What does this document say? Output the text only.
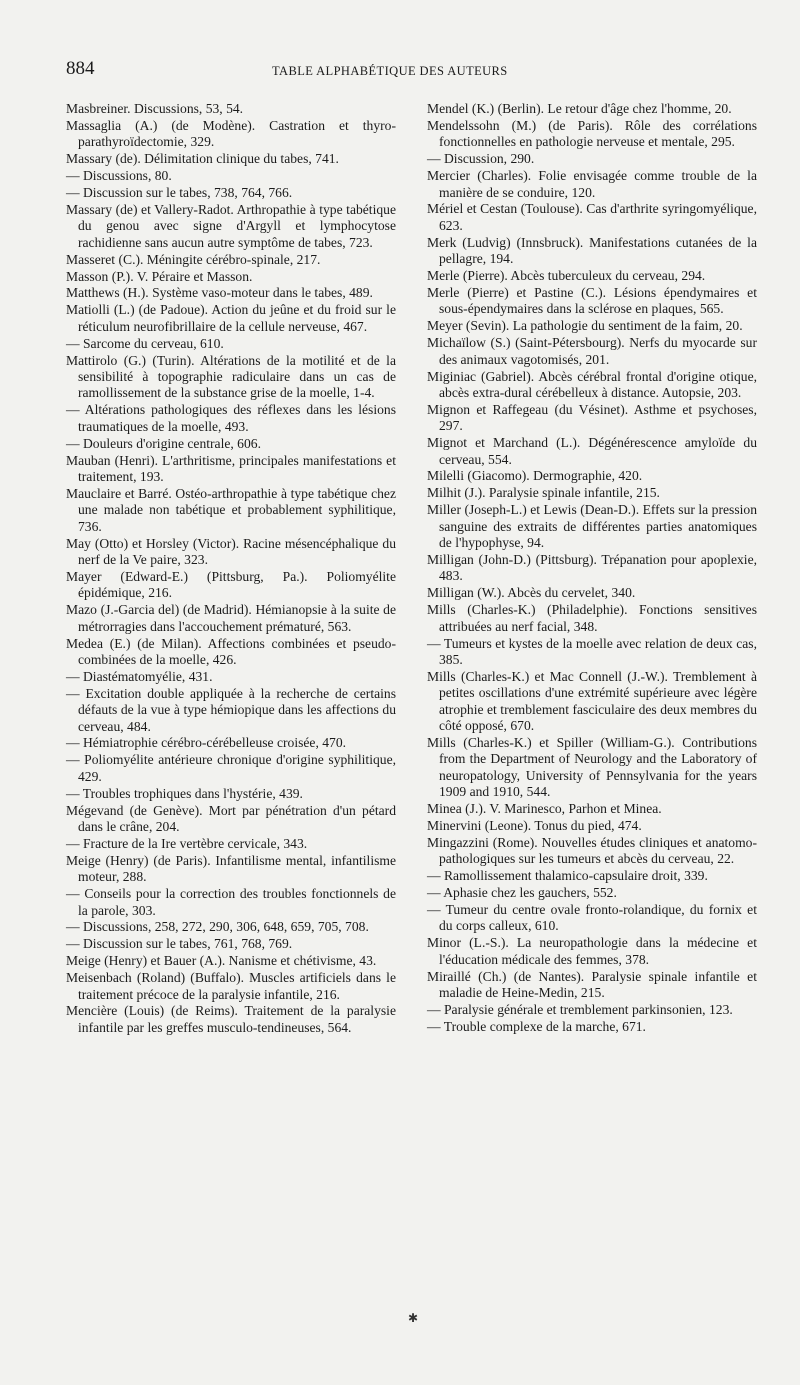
884	TABLE ALPHABÉTIQUE DES AUTEURS

Masbreiner. Discussions, 53, 54.

Massaglia (A.) (de Modène). Castration et thyro-parathyroïdectomie, 329.

Massary (de). Délimitation clinique du tabes, 741.

— Discussions, 80.

— Discussion sur le tabes, 738, 764, 766.

Massary (de) et Vallery-Radot. Arthropathie à type tabétique du genou avec signe d'Argyll et lymphocytose rachidienne sans aucun autre symptôme de tabes, 723.

Masseret (C.). Méningite cérébro-spinale, 217.

Masson (P.). V. Péraire et Masson.

Matthews (H.). Système vaso-moteur dans le tabes, 489.

Matiolli (L.) (de Padoue). Action du jeûne et du froid sur le réticulum neurofibrillaire de la cellule nerveuse, 467.

— Sarcome du cerveau, 610.

Mattirolo (G.) (Turin). Altérations de la motilité et de la sensibilité à topographie radiculaire dans un cas de ramollissement de la substance grise de la moelle, 1-4.

— Altérations pathologiques des réflexes dans les lésions traumatiques de la moelle, 493.

— Douleurs d'origine centrale, 606.

Mauban (Henri). L'arthritisme, principales manifestations et traitement, 193.

Mauclaire et Barré. Ostéo-arthropathie à type tabétique chez une malade non tabétique et probablement syphilitique, 736.

May (Otto) et Horsley (Victor). Racine mésencéphalique du nerf de la Ve paire, 323.

Mayer (Edward-E.) (Pittsburg, Pa.). Poliomyélite épidémique, 216.

Mazo (J.-Garcia del) (de Madrid). Hémianopsie à la suite de métrorragies dans l'accouchement prématuré, 563.

Medea (E.) (de Milan). Affections combinées et pseudo-combinées de la moelle, 426.

— Diastématomyélie, 431.

— Excitation double appliquée à la recherche de certains défauts de la vue à type hémiopique dans les affections du cerveau, 484.

— Hémiatrophie cérébro-cérébelleuse croisée, 470.

— Poliomyélite antérieure chronique d'origine syphilitique, 429.

— Troubles trophiques dans l'hystérie, 439.

Mégevand (de Genève). Mort par pénétration d'un pétard dans le crâne, 204.

— Fracture de la Ire vertèbre cervicale, 343.

Meige (Henry) (de Paris). Infantilisme mental, infantilisme moteur, 288.

— Conseils pour la correction des troubles fonctionnels de la parole, 303.

— Discussions, 258, 272, 290, 306, 648, 659, 705, 708.

— Discussion sur le tabes, 761, 768, 769.

Meige (Henry) et Bauer (A.). Nanisme et chétivisme, 43.

Meisenbach (Roland) (Buffalo). Muscles artificiels dans le traitement précoce de la paralysie infantile, 216.

Mencière (Louis) (de Reims). Traitement de la paralysie infantile par les greffes musculo-tendineuses, 564.

Mendel (K.) (Berlin). Le retour d'âge chez l'homme, 20.

Mendelssohn (M.) (de Paris). Rôle des corrélations fonctionnelles en pathologie nerveuse et mentale, 295.

— Discussion, 290.

Mercier (Charles). Folie envisagée comme trouble de la manière de se conduire, 120.

Mériel et Cestan (Toulouse). Cas d'arthrite syringomyélique, 623.

Merk (Ludvig) (Innsbruck). Manifestations cutanées de la pellagre, 194.

Merle (Pierre). Abcès tuberculeux du cerveau, 294.

Merle (Pierre) et Pastine (C.). Lésions épendymaires et sous-épendymaires dans la sclérose en plaques, 565.

Meyer (Sevin). La pathologie du sentiment de la faim, 20.

Michaïlow (S.) (Saint-Pétersbourg). Nerfs du myocarde sur des animaux vagotomisés, 201.

Miginiac (Gabriel). Abcès cérébral frontal d'origine otique, abcès extra-dural cérébelleux à distance. Autopsie, 203.

Mignon et Raffegeau (du Vésinet). Asthme et psychoses, 297.

Mignot et Marchand (L.). Dégénérescence amyloïde du cerveau, 554.

Milelli (Giacomo). Dermographie, 420.

Milhit (J.). Paralysie spinale infantile, 215.

Miller (Joseph-L.) et Lewis (Dean-D.). Effets sur la pression sanguine des extraits de différentes parties anatomiques de l'hypophyse, 94.

Milligan (John-D.) (Pittsburg). Trépanation pour apoplexie, 483.

Milligan (W.). Abcès du cervelet, 340.

Mills (Charles-K.) (Philadelphie). Fonctions sensitives attribuées au nerf facial, 348.

— Tumeurs et kystes de la moelle avec relation de deux cas, 385.

Mills (Charles-K.) et Mac Connell (J.-W.). Tremblement à petites oscillations d'une extrémité supérieure avec légère atrophie et tremblement fasciculaire des deux membres du côté opposé, 670.

Mills (Charles-K.) et Spiller (William-G.). Contributions from the Department of Neurology and the Laboratory of neuropatology, University of Pennsylvania for the years 1909 and 1910, 544.

Minea (J.). V. Marinesco, Parhon et Minea.

Minervini (Leone). Tonus du pied, 474.

Mingazzini (Rome). Nouvelles études cliniques et anatomo-pathologiques sur les tumeurs et abcès du cerveau, 22.

— Ramollissement thalamico-capsulaire droit, 339.

— Aphasie chez les gauchers, 552.

— Tumeur du centre ovale fronto-rolandique, du fornix et du corps calleux, 610.

Minor (L.-S.). La neuropathologie dans la médecine et l'éducation médicale des femmes, 378.

Miraillé (Ch.) (de Nantes). Paralysie spinale infantile et maladie de Heine-Medin, 215.

— Paralysie générale et tremblement parkinsonien, 123.

— Trouble complexe de la marche, 671.

✱
